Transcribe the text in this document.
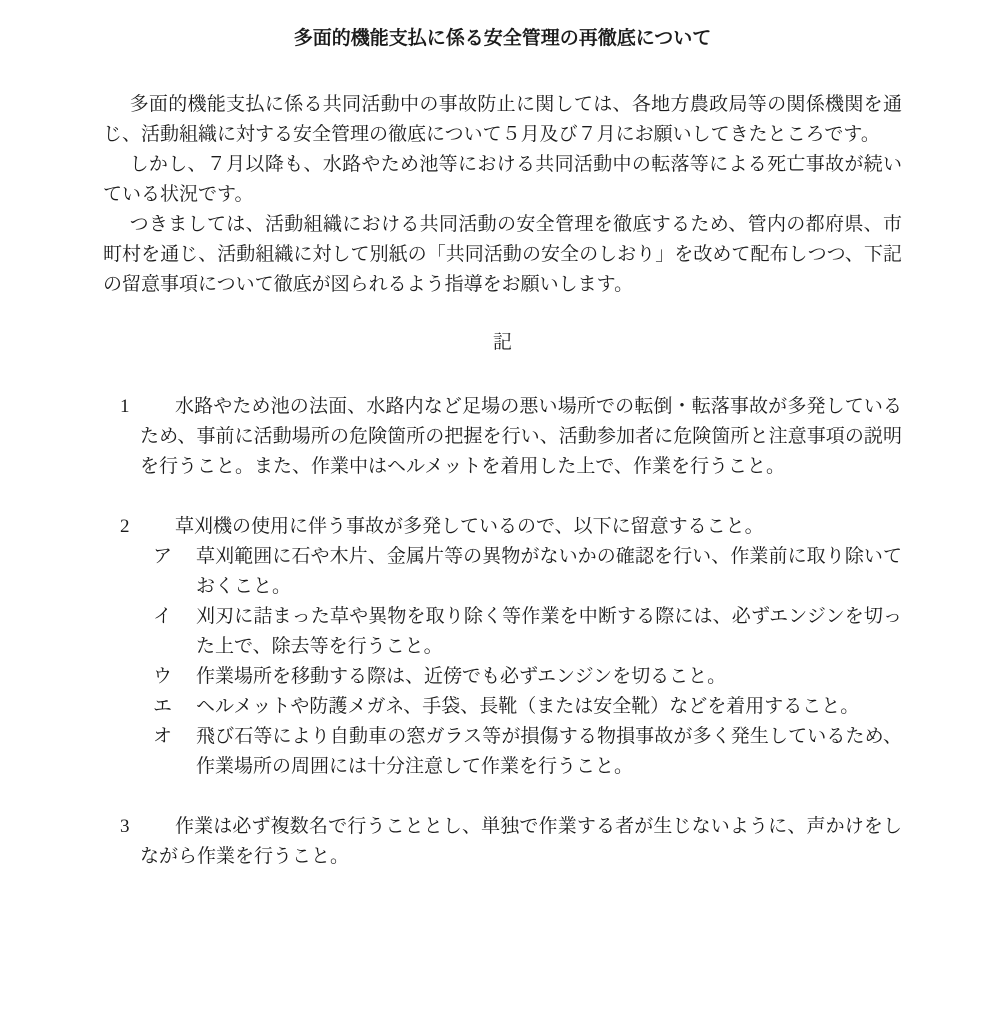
多面的機能支払に係る安全管理の再徹底について

多面的機能支払に係る共同活動中の事故防止に関しては、各地方農政局等の関係機関を通じ、活動組織に対する安全管理の徹底について５月及び７月にお願いしてきたところです。

しかし、７月以降も、水路やため池等における共同活動中の転落等による死亡事故が続いている状況です。

つきましては、活動組織における共同活動の安全管理を徹底するため、管内の都府県、市町村を通じ、活動組織に対して別紙の「共同活動の安全のしおり」を改めて配布しつつ、下記の留意事項について徹底が図られるよう指導をお願いします。

記
1	水路やため池の法面、水路内など足場の悪い場所での転倒・転落事故が多発しているため、事前に活動場所の危険箇所の把握を行い、活動参加者に危険箇所と注意事項の説明を行うこと。また、作業中はヘルメットを着用した上で、作業を行うこと。

2	草刈機の使用に伴う事故が多発しているので、以下に留意すること。

ア	草刈範囲に石や木片、金属片等の異物がないかの確認を行い、作業前に取り除いておくこと。

イ	刈刃に詰まった草や異物を取り除く等作業を中断する際には、必ずエンジンを切った上で、除去等を行うこと。

ウ	作業場所を移動する際は、近傍でも必ずエンジンを切ること。

エ	ヘルメットや防護メガネ、手袋、長靴（または安全靴）などを着用すること。

オ	飛び石等により自動車の窓ガラス等が損傷する物損事故が多く発生しているため、作業場所の周囲には十分注意して作業を行うこと。

3	作業は必ず複数名で行うこととし、単独で作業する者が生じないように、声かけをしながら作業を行うこと。
